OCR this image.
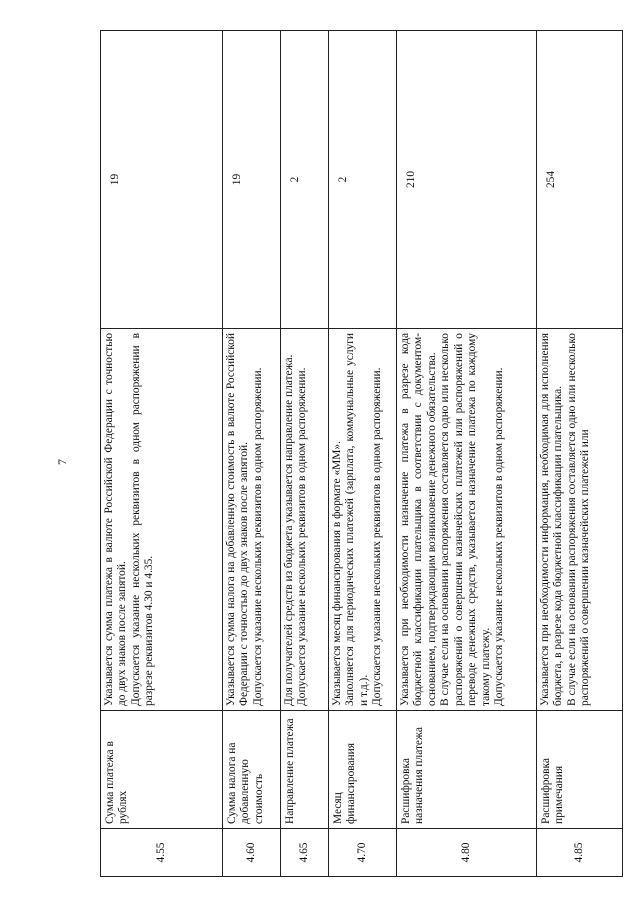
7
4.55	Сумма платежа в рублях	Указывается сумма платежа в валюте Российской Федерации с точностью до двух знаков после запятой. Допускается указание нескольких реквизитов в одном распоряжении в разрезе реквизитов 4.30 и 4.35.	19
4.60	Сумма налога на добавленную стоимость	Указывается сумма налога на добавленную стоимость в валюте Российской Федерации с точностью до двух знаков после запятой. Допускается указание нескольких реквизитов в одном распоряжении.	19
4.65	Направление платежа	Для получателей средств из бюджета указывается направление платежа. Допускается указание нескольких реквизитов в одном распоряжении.	2
4.70	Месяц финансирования	Указывается месяц финансирования в формате «ММ». Заполняется для периодических платежей (зарплата, коммунальные услуги и т.д.). Допускается указание нескольких реквизитов в одном распоряжении.	2
4.80	Расшифровка назначения платежа	Указывается при необходимости назначение платежа в разрезе кода бюджетной классификации плательщика в соответствии с документом-основанием, подтверждающим возникновение денежного обязательства. В случае если на основании распоряжения составляется одно или несколько распоряжений о совершении казначейских платежей или распоряжений о переводе денежных средств, указывается назначение платежа по каждому такому платежу. Допускается указание нескольких реквизитов в одном распоряжении.	210
4.85	Расшифровка примечания	Указывается при необходимости информация, необходимая для исполнения бюджета, в разрезе кода бюджетной классификации плательщика. В случае если на основании распоряжения составляется одно или несколько распоряжений о совершении казначейских платежей или	254
